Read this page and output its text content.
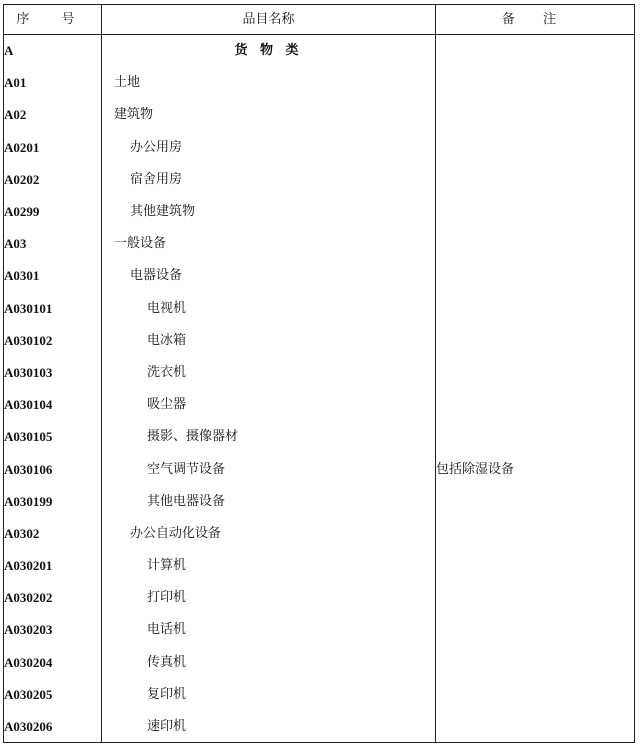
序 号	品目名称	备 注
A	货 物 类	
A01	土地	
A02	建筑物	
A0201	办公用房	
A0202	宿舍用房	
A0299	其他建筑物	
A03	一般设备	
A0301	电器设备	
A030101	电视机	
A030102	电冰箱	
A030103	洗衣机	
A030104	吸尘器	
A030105	摄影、摄像器材	
A030106	空气调节设备	包括除湿设备
A030199	其他电器设备	
A0302	办公自动化设备	
A030201	计算机	
A030202	打印机	
A030203	电话机	
A030204	传真机	
A030205	复印机	
A030206	速印机	
